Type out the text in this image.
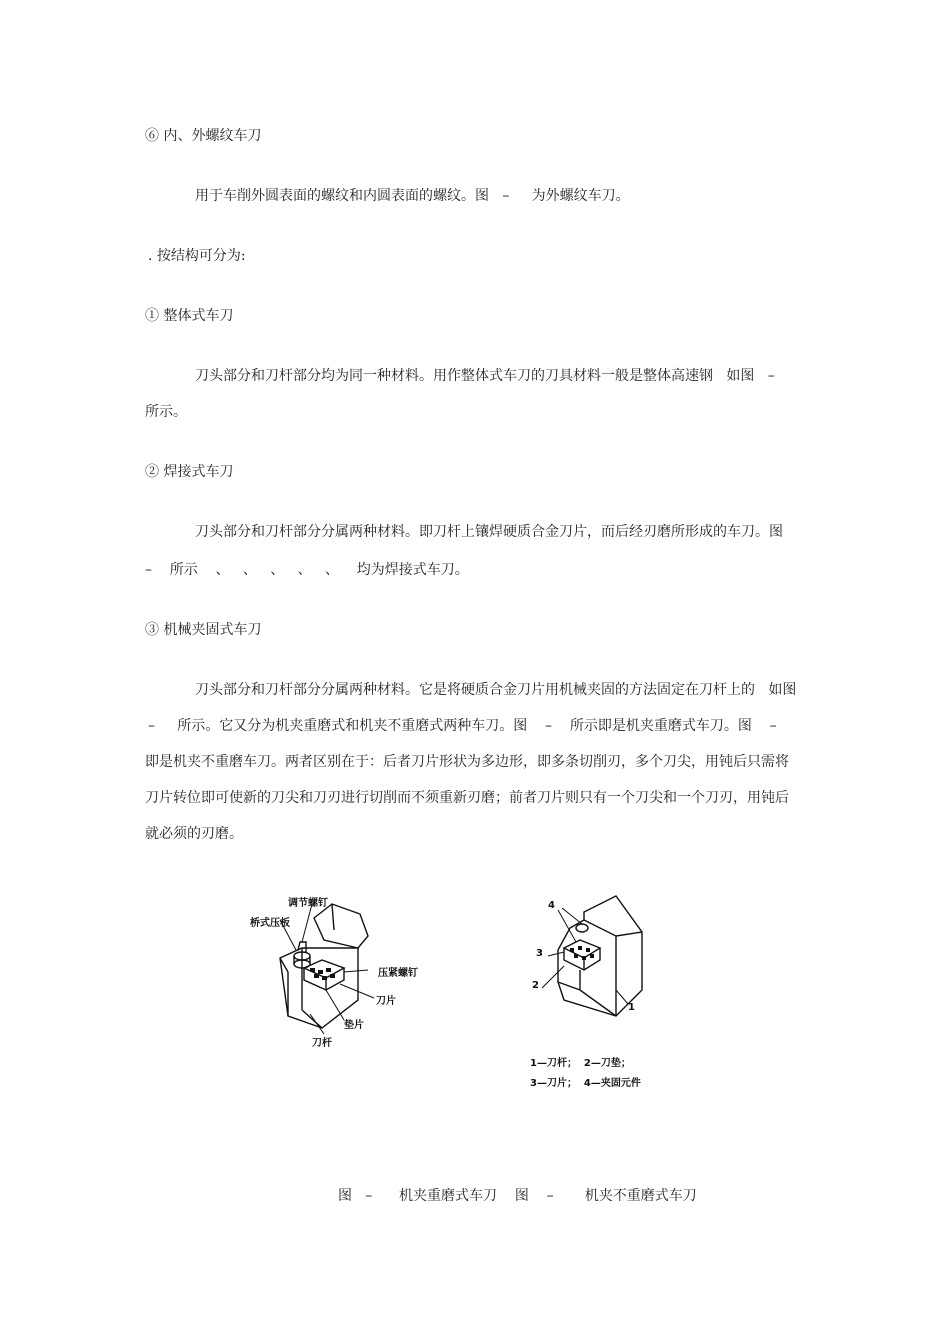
⑥ 内、外螺纹车刀
用于车削外圆表面的螺纹和内圆表面的螺纹。图   –     为外螺纹车刀。
. 按结构可分为:
① 整体式车刀
刀头部分和刀杆部分均为同一种材料。用作整体式车刀的刀具材料一般是整体高速钢   如图   –
所示。
② 焊接式车刀
刀头部分和刀杆部分分属两种材料。即刀杆上镶焊硬质合金刀片，而后经刃磨所形成的车刀。图
–    所示    、   、   、   、   、    均为焊接式车刀。
③ 机械夹固式车刀
刀头部分和刀杆部分分属两种材料。它是将硬质合金刀片用机械夹固的方法固定在刀杆上的   如图
–     所示。它又分为机夹重磨式和机夹不重磨式两种车刀。图    –    所示即是机夹重磨式车刀。图    –
即是机夹不重磨车刀。两者区别在于：后者刀片形状为多边形，即多条切削刃，多个刀尖，用钝后只需将
刀片转位即可使新的刀尖和刀刃进行切削而不须重新刃磨；前者刀片则只有一个刀尖和一个刀刃，用钝后
就必须的刃磨。
调节螺钉
桥式压板
压紧螺钉
刀片
垫片
刀杆
4
3
2
1
1—刀杆；  2—刀垫；
3—刀片；  4—夹固元件
图   –      机夹重磨式车刀    图    –       机夹不重磨式车刀
